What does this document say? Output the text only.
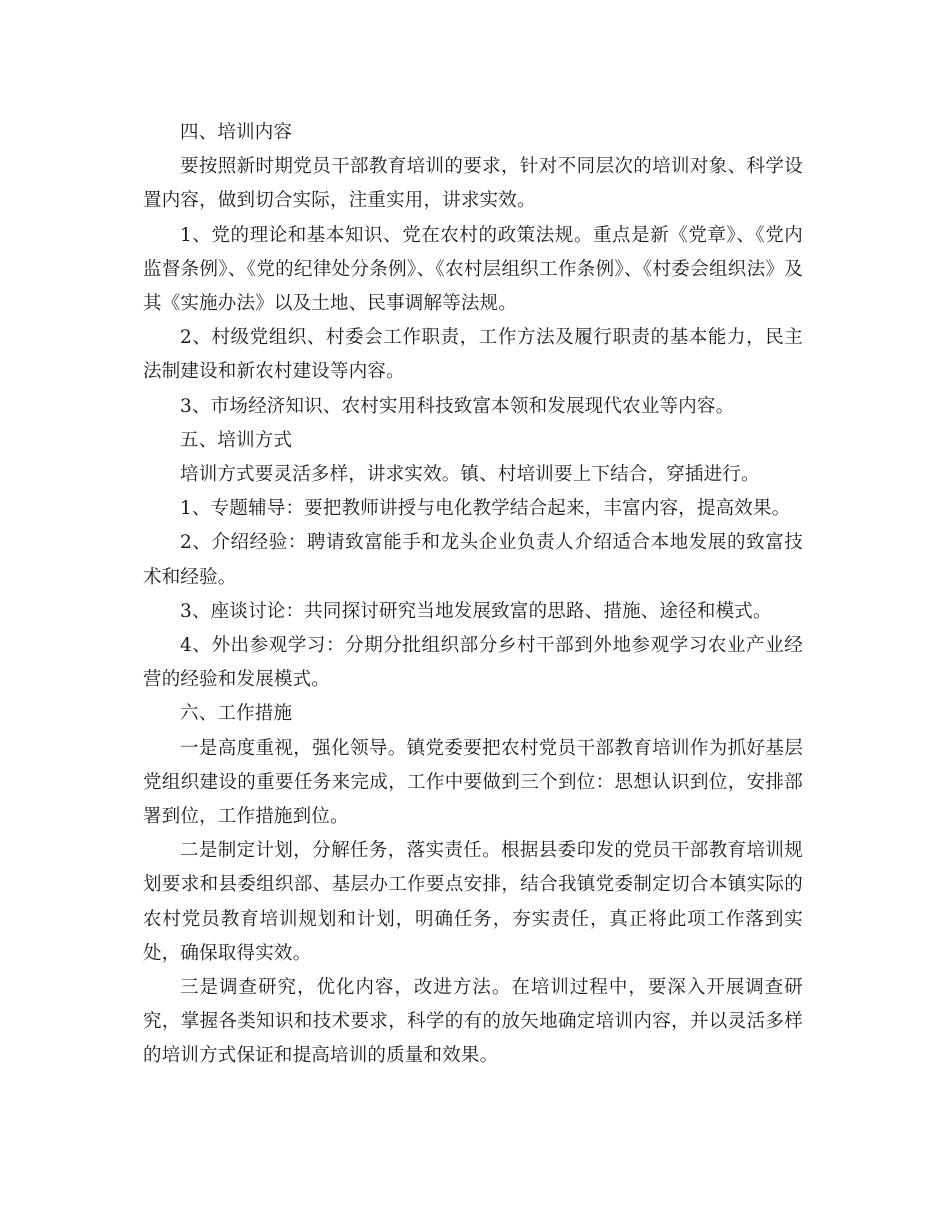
四、培训内容

要按照新时期党员干部教育培训的要求，针对不同层次的培训对象、科学设置内容，做到切合实际，注重实用，讲求实效。

1、党的理论和基本知识、党在农村的政策法规。重点是新《党章》、《党内监督条例》、《党的纪律处分条例》、《农村层组织工作条例》、《村委会组织法》及其《实施办法》以及土地、民事调解等法规。

2、村级党组织、村委会工作职责，工作方法及履行职责的基本能力，民主法制建设和新农村建设等内容。

3、市场经济知识、农村实用科技致富本领和发展现代农业等内容。

五、培训方式

培训方式要灵活多样，讲求实效。镇、村培训要上下结合，穿插进行。

1、专题辅导：要把教师讲授与电化教学结合起来，丰富内容，提高效果。

2、介绍经验：聘请致富能手和龙头企业负责人介绍适合本地发展的致富技术和经验。

3、座谈讨论：共同探讨研究当地发展致富的思路、措施、途径和模式。

4、外出参观学习：分期分批组织部分乡村干部到外地参观学习农业产业经营的经验和发展模式。

六、工作措施

一是高度重视，强化领导。镇党委要把农村党员干部教育培训作为抓好基层党组织建设的重要任务来完成，工作中要做到三个到位：思想认识到位，安排部署到位，工作措施到位。

二是制定计划，分解任务，落实责任。根据县委印发的党员干部教育培训规划要求和县委组织部、基层办工作要点安排，结合我镇党委制定切合本镇实际的农村党员教育培训规划和计划，明确任务，夯实责任，真正将此项工作落到实处，确保取得实效。

三是调查研究，优化内容，改进方法。在培训过程中，要深入开展调查研究，掌握各类知识和技术要求，科学的有的放矢地确定培训内容，并以灵活多样的培训方式保证和提高培训的质量和效果。
